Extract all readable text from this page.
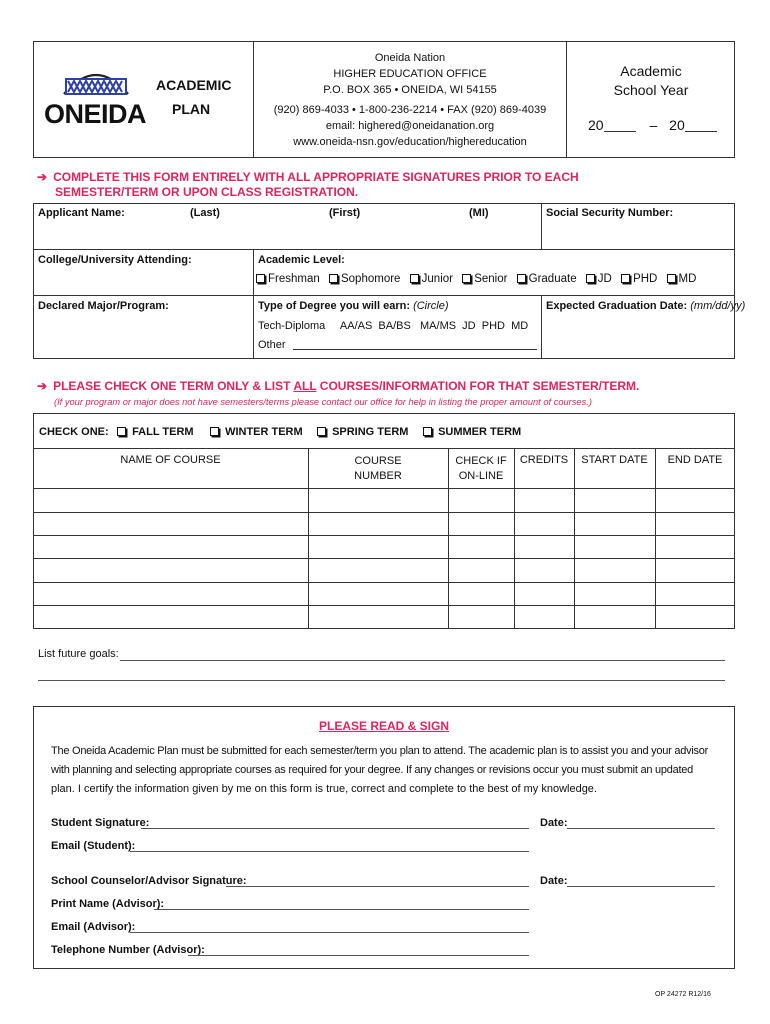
ONEIDA
ACADEMIC
PLAN
Oneida Nation
HIGHER EDUCATION OFFICE
P.O. BOX 365 • ONEIDA, WI 54155
(920) 869-4033 • 1-800-236-2214 • FAX (920) 869-4039
email: highered@oneidanation.org
www.oneida-nsn.gov/education/highereducation
Academic
School Year
20	– 20
➔ COMPLETE THIS FORM ENTIRELY WITH ALL APPROPRIATE SIGNATURES PRIOR TO EACH
SEMESTER/TERM OR UPON CLASS REGISTRATION.
Applicant Name:	(Last)	(First)	(MI)	Social Security Number:
College/University Attending:	Academic Level:
Freshman Sophomore Junior Senior Graduate JD PHD MD
Declared Major/Program:	Type of Degree you will earn: (Circle)
Tech-Diploma     AA/AS  BA/BS   MA/MS  JD  PHD  MD
Other
Expected Graduation Date: (mm/dd/yy)
➔ PLEASE CHECK ONE TERM ONLY & LIST ALL COURSES/INFORMATION FOR THAT SEMESTER/TERM.
(If your program or major does not have semesters/terms please contact our office for help in listing the proper amount of courses.)
CHECK ONE:	FALL TERM	WINTER TERM	SPRING TERM	SUMMER TERM
NAME OF COURSE	COURSE
NUMBER
CHECK IF
ON-LINE
CREDITS	START DATE	END DATE
List future goals:
PLEASE READ & SIGN
The Oneida Academic Plan must be submitted for each semester/term you plan to attend. The academic plan is to assist you and your advisor
with planning and selecting appropriate courses as required for your degree. If any changes or revisions occur you must submit an updated
plan. I certify the information given by me on this form is true, correct and complete to the best of my knowledge.
Student Signature:	Date:
Email (Student):
School Counselor/Advisor Signature:	Date:
Print Name (Advisor):
Email (Advisor):
Telephone Number (Advisor):
OP 24272 R12/16
